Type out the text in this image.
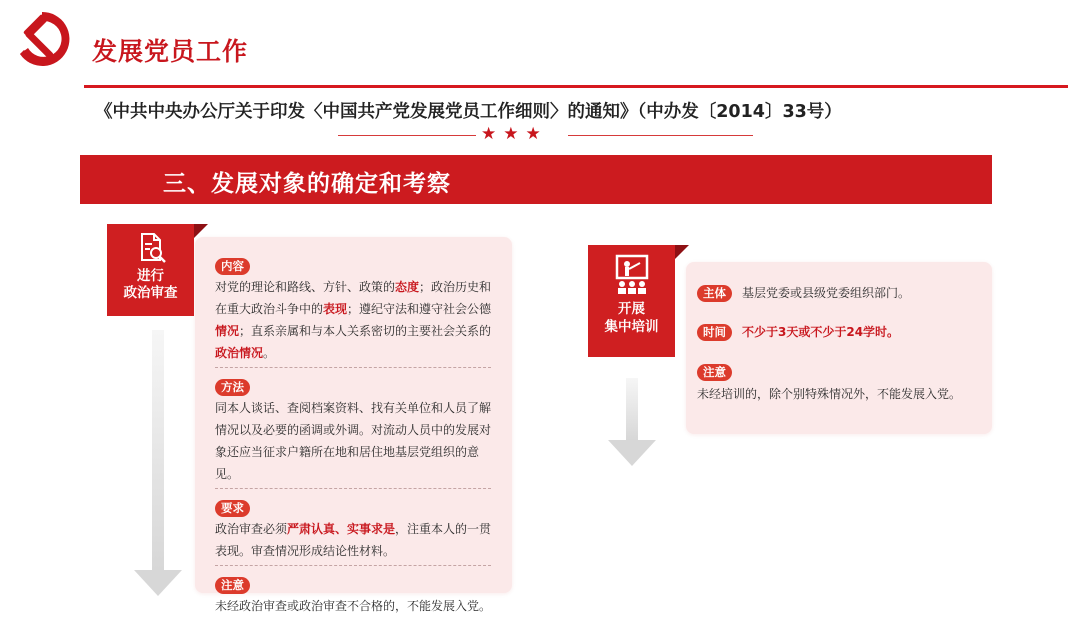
发展党员工作
《中共中央办公厅关于印发〈中国共产党发展党员工作细则〉的通知》（中办发〔2014〕33号）
★★★
三、发展对象的确定和考察
进行
政治审查
内容
对党的理论和路线、方针、政策的态度；政治历史和在重大政治斗争中的表现；遵纪守法和遵守社会公德情况；直系亲属和与本人关系密切的主要社会关系的政治情况。
方法
同本人谈话、查阅档案资料、找有关单位和人员了解情况以及必要的函调或外调。对流动人员中的发展对象还应当征求户籍所在地和居住地基层党组织的意见。
要求
政治审查必须严肃认真、实事求是，注重本人的一贯表现。审查情况形成结论性材料。
注意
未经政治审查或政治审查不合格的，不能发展入党。
开展
集中培训
主体	基层党委或县级党委组织部门。
时间	不少于3天或不少于24学时。
注意
未经培训的，除个别特殊情况外，不能发展入党。
